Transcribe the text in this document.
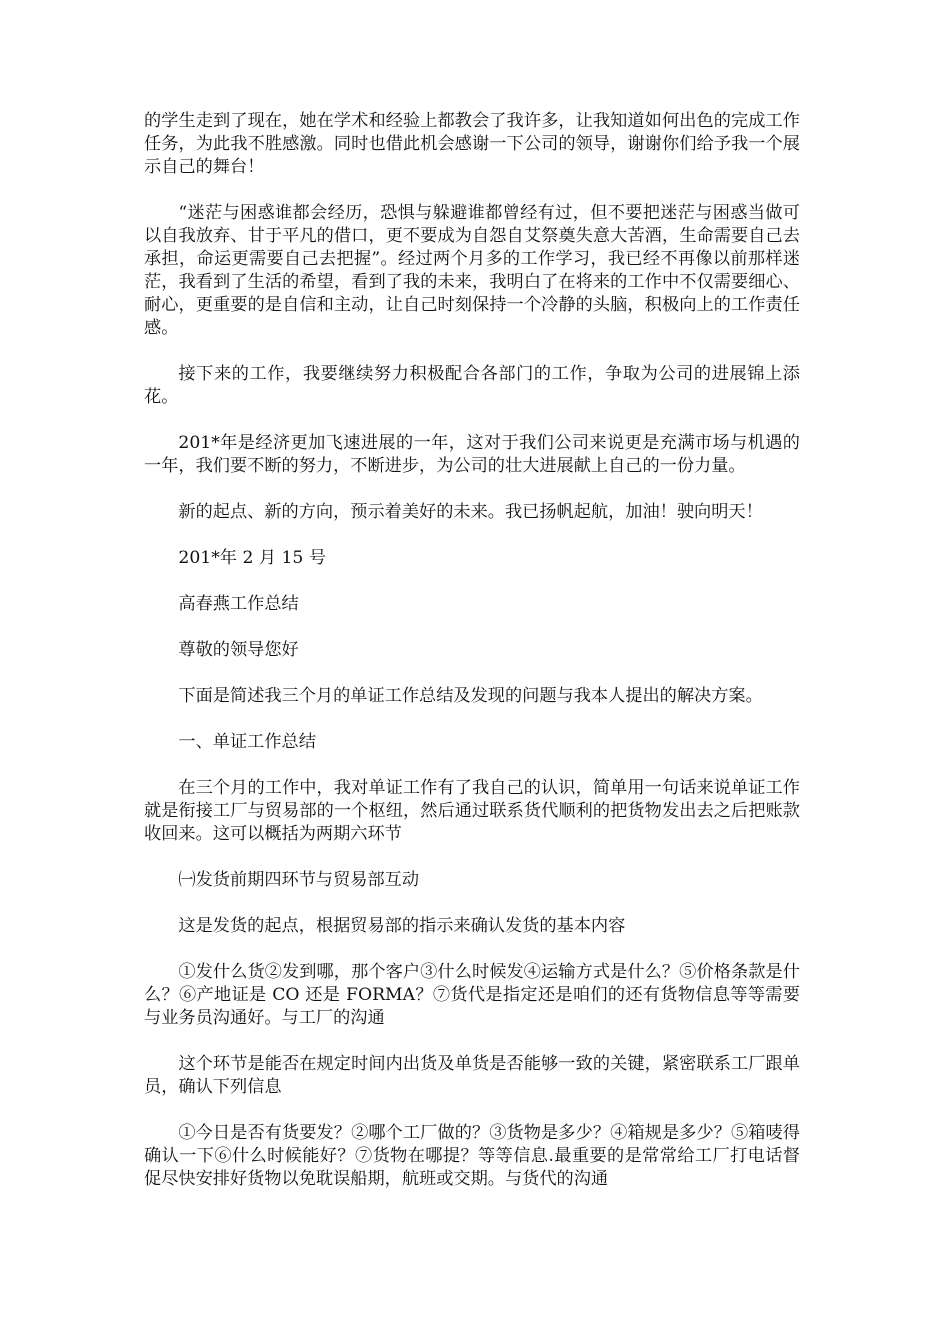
的学生走到了现在，她在学术和经验上都教会了我许多，让我知道如何出色的完成工作任务，为此我不胜感激。同时也借此机会感谢一下公司的领导，谢谢你们给予我一个展示自己的舞台！

“迷茫与困惑谁都会经历，恐惧与躲避谁都曾经有过，但不要把迷茫与困惑当做可以自我放弃、甘于平凡的借口，更不要成为自怨自艾祭奠失意大苦酒，生命需要自己去承担，命运更需要自己去把握”。经过两个月多的工作学习，我已经不再像以前那样迷茫，我看到了生活的希望，看到了我的未来，我明白了在将来的工作中不仅需要细心、耐心，更重要的是自信和主动，让自己时刻保持一个冷静的头脑，积极向上的工作责任感。

接下来的工作，我要继续努力积极配合各部门的工作，争取为公司的进展锦上添花。

201*年是经济更加飞速进展的一年，这对于我们公司来说更是充满市场与机遇的一年，我们要不断的努力，不断进步，为公司的壮大进展献上自己的一份力量。

新的起点、新的方向，预示着美好的未来。我已扬帆起航，加油！驶向明天！

201*年 2 月 15 号

高春燕工作总结

尊敬的领导您好

下面是简述我三个月的单证工作总结及发现的问题与我本人提出的解决方案。

一、单证工作总结

在三个月的工作中，我对单证工作有了我自己的认识，简单用一句话来说单证工作就是衔接工厂与贸易部的一个枢纽，然后通过联系货代顺利的把货物发出去之后把账款收回来。这可以概括为两期六环节

㈠发货前期四环节与贸易部互动

这是发货的起点，根据贸易部的指示来确认发货的基本内容

①发什么货②发到哪，那个客户③什么时候发④运输方式是什么？⑤价格条款是什么？⑥产地证是 CO 还是 FORMA？⑦货代是指定还是咱们的还有货物信息等等需要与业务员沟通好。与工厂的沟通

这个环节是能否在规定时间内出货及单货是否能够一致的关键，紧密联系工厂跟单员，确认下列信息

①今日是否有货要发？②哪个工厂做的？③货物是多少？④箱规是多少？⑤箱唛得确认一下⑥什么时候能好？⑦货物在哪提？等等信息.最重要的是常常给工厂打电话督促尽快安排好货物以免耽误船期，航班或交期。与货代的沟通
